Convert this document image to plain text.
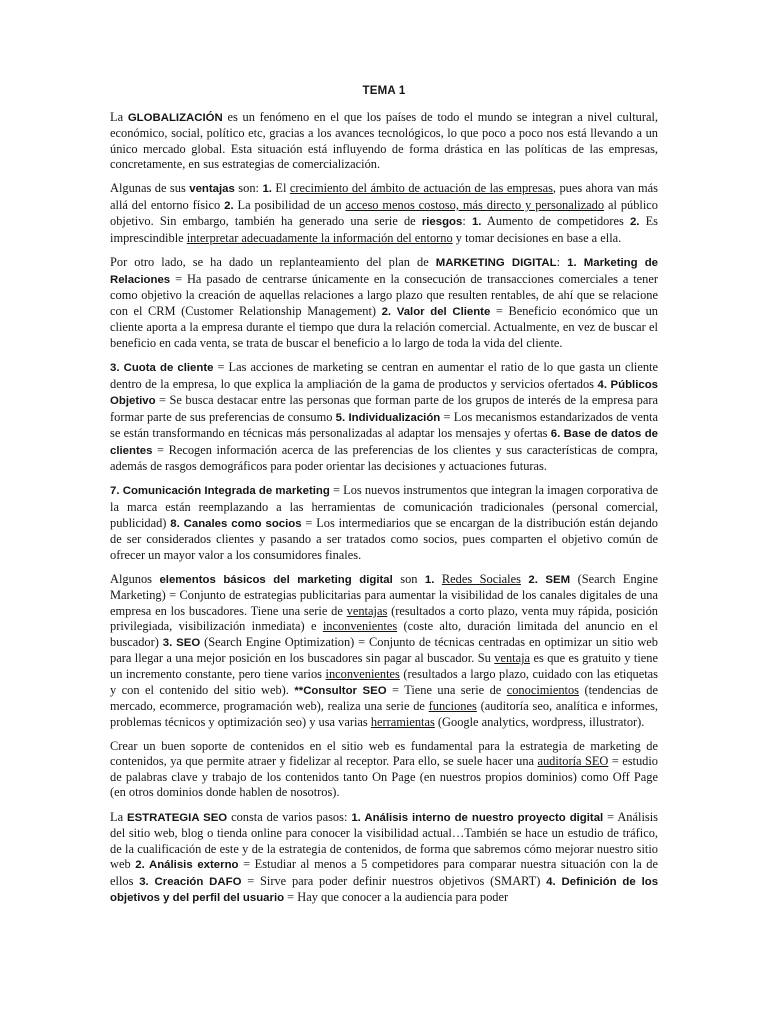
TEMA 1

La GLOBALIZACIÓN es un fenómeno en el que los países de todo el mundo se integran a nivel cultural, económico, social, político etc, gracias a los avances tecnológicos, lo que poco a poco nos está llevando a un único mercado global. Esta situación está influyendo de forma drástica en las políticas de las empresas, concretamente, en sus estrategias de comercialización.

Algunas de sus ventajas son: 1. El crecimiento del ámbito de actuación de las empresas, pues ahora van más allá del entorno físico 2. La posibilidad de un acceso menos costoso, más directo y personalizado al público objetivo. Sin embargo, también ha generado una serie de riesgos: 1. Aumento de competidores 2. Es imprescindible interpretar adecuadamente la información del entorno y tomar decisiones en base a ella.

Por otro lado, se ha dado un replanteamiento del plan de MARKETING DIGITAL: 1. Marketing de Relaciones = Ha pasado de centrarse únicamente en la consecución de transacciones comerciales a tener como objetivo la creación de aquellas relaciones a largo plazo que resulten rentables, de ahí que se relacione con el CRM (Customer Relationship Management) 2. Valor del Cliente = Beneficio económico que un cliente aporta a la empresa durante el tiempo que dura la relación comercial. Actualmente, en vez de buscar el beneficio en cada venta, se trata de buscar el beneficio a lo largo de toda la vida del cliente.

3. Cuota de cliente = Las acciones de marketing se centran en aumentar el ratio de lo que gasta un cliente dentro de la empresa, lo que explica la ampliación de la gama de productos y servicios ofertados 4. Públicos Objetivo = Se busca destacar entre las personas que forman parte de los grupos de interés de la empresa para formar parte de sus preferencias de consumo 5. Individualización = Los mecanismos estandarizados de venta se están transformando en técnicas más personalizadas al adaptar los mensajes y ofertas 6. Base de datos de clientes = Recogen información acerca de las preferencias de los clientes y sus características de compra, además de rasgos demográficos para poder orientar las decisiones y actuaciones futuras.

7. Comunicación Integrada de marketing = Los nuevos instrumentos que integran la imagen corporativa de la marca están reemplazando a las herramientas de comunicación tradicionales (personal comercial, publicidad) 8. Canales como socios = Los intermediarios que se encargan de la distribución están dejando de ser considerados clientes y pasando a ser tratados como socios, pues comparten el objetivo común de ofrecer un mayor valor a los consumidores finales.

Algunos elementos básicos del marketing digital son 1. Redes Sociales 2. SEM (Search Engine Marketing) = Conjunto de estrategias publicitarias para aumentar la visibilidad de los canales digitales de una empresa en los buscadores. Tiene una serie de ventajas (resultados a corto plazo, venta muy rápida, posición privilegiada, visibilización inmediata) e inconvenientes (coste alto, duración limitada del anuncio en el buscador) 3. SEO (Search Engine Optimization) = Conjunto de técnicas centradas en optimizar un sitio web para llegar a una mejor posición en los buscadores sin pagar al buscador. Su ventaja es que es gratuito y tiene un incremento constante, pero tiene varios inconvenientes (resultados a largo plazo, cuidado con las etiquetas y con el contenido del sitio web). **Consultor SEO = Tiene una serie de conocimientos (tendencias de mercado, ecommerce, programación web), realiza una serie de funciones (auditoría seo, analítica e informes, problemas técnicos y optimización seo) y usa varias herramientas (Google analytics, wordpress, illustrator).

Crear un buen soporte de contenidos en el sitio web es fundamental para la estrategia de marketing de contenidos, ya que permite atraer y fidelizar al receptor. Para ello, se suele hacer una auditoría SEO = estudio de palabras clave y trabajo de los contenidos tanto On Page (en nuestros propios dominios) como Off Page (en otros dominios donde hablen de nosotros).

La ESTRATEGIA SEO consta de varios pasos: 1. Análisis interno de nuestro proyecto digital = Análisis del sitio web, blog o tienda online para conocer la visibilidad actual…También se hace un estudio de tráfico, de la cualificación de este y de la estrategia de contenidos, de forma que sabremos cómo mejorar nuestro sitio web 2. Análisis externo = Estudiar al menos a 5 competidores para comparar nuestra situación con la de ellos 3. Creación DAFO = Sirve para poder definir nuestros objetivos (SMART) 4. Definición de los objetivos y del perfil del usuario = Hay que conocer a la audiencia para poder
